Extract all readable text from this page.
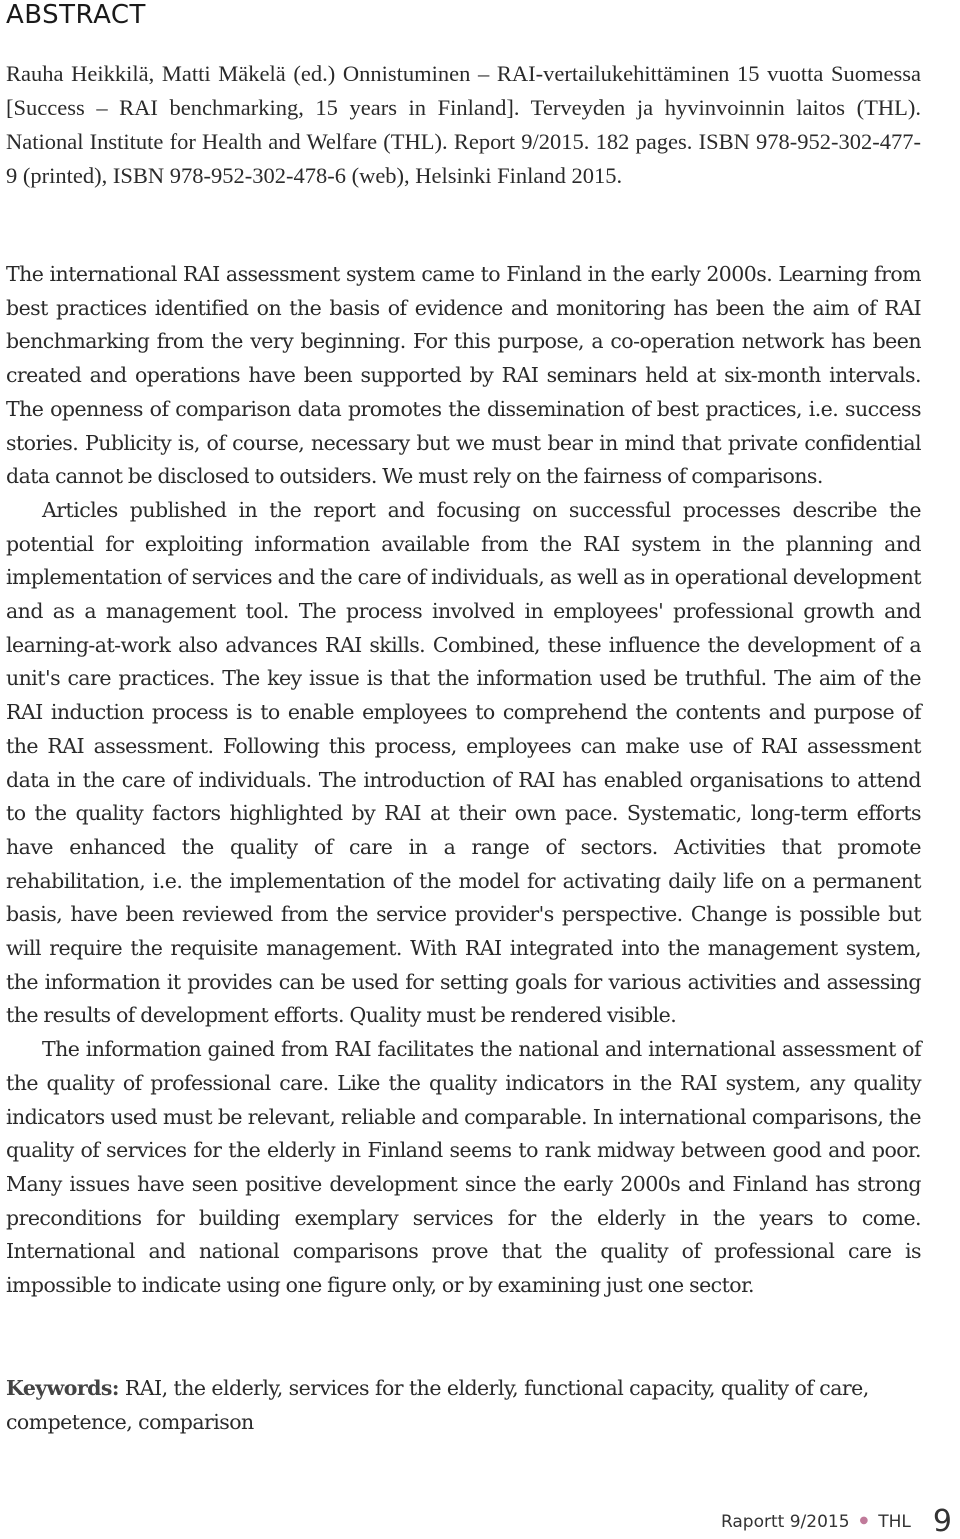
ABSTRACT

Rauha Heikkilä, Matti Mäkelä (ed.) Onnistuminen – RAI-vertailukehittäminen 15 vuotta Suomessa [Success – RAI benchmarking, 15 years in Finland]. Terveyden ja hyvinvoinnin laitos (THL). National Institute for Health and Welfare (THL). Report 9/2015. 182 pages. ISBN 978-952-302-477-9 (printed), ISBN 978-952-302-478-6 (web), Helsinki Finland 2015.

The international RAI assessment system came to Finland in the early 2000s. Learning from best practices identified on the basis of evidence and monitoring has been the aim of RAI benchmarking from the very beginning. For this purpose, a co-operation network has been created and operations have been supported by RAI seminars held at six-month intervals. The openness of comparison data promotes the dissemination of best practices, i.e. success stories. Publicity is, of course, necessary but we must bear in mind that private confidential data cannot be disclosed to outsiders. We must rely on the fairness of comparisons.

Articles published in the report and focusing on successful processes describe the potential for exploiting information available from the RAI system in the planning and implementation of services and the care of individuals, as well as in operational development and as a management tool. The process involved in employees' professional growth and learning-at-work also advances RAI skills. Combined, these influence the development of a unit's care practices. The key issue is that the information used be truthful. The aim of the RAI induction process is to enable employees to comprehend the contents and purpose of the RAI assessment. Following this process, employees can make use of RAI assessment data in the care of individuals. The introduction of RAI has enabled organisations to attend to the quality factors highlighted by RAI at their own pace. Systematic, long-term efforts have enhanced the quality of care in a range of sectors. Activities that promote rehabilitation, i.e. the implementation of the model for activating daily life on a permanent basis, have been reviewed from the service provider's perspective. Change is possible but will require the requisite management. With RAI integrated into the management system, the information it provides can be used for setting goals for various activities and assessing the results of development efforts. Quality must be rendered visible.

The information gained from RAI facilitates the national and international assessment of the quality of professional care. Like the quality indicators in the RAI system, any quality indicators used must be relevant, reliable and comparable. In international comparisons, the quality of services for the elderly in Finland seems to rank midway between good and poor. Many issues have seen positive development since the early 2000s and Finland has strong preconditions for building exemplary services for the elderly in the years to come. International and national comparisons prove that the quality of professional care is impossible to indicate using one figure only, or by examining just one sector.

Keywords: RAI, the elderly, services for the elderly, functional capacity, quality of care, competence, comparison

Raportt 9/2015 ● THL 9
